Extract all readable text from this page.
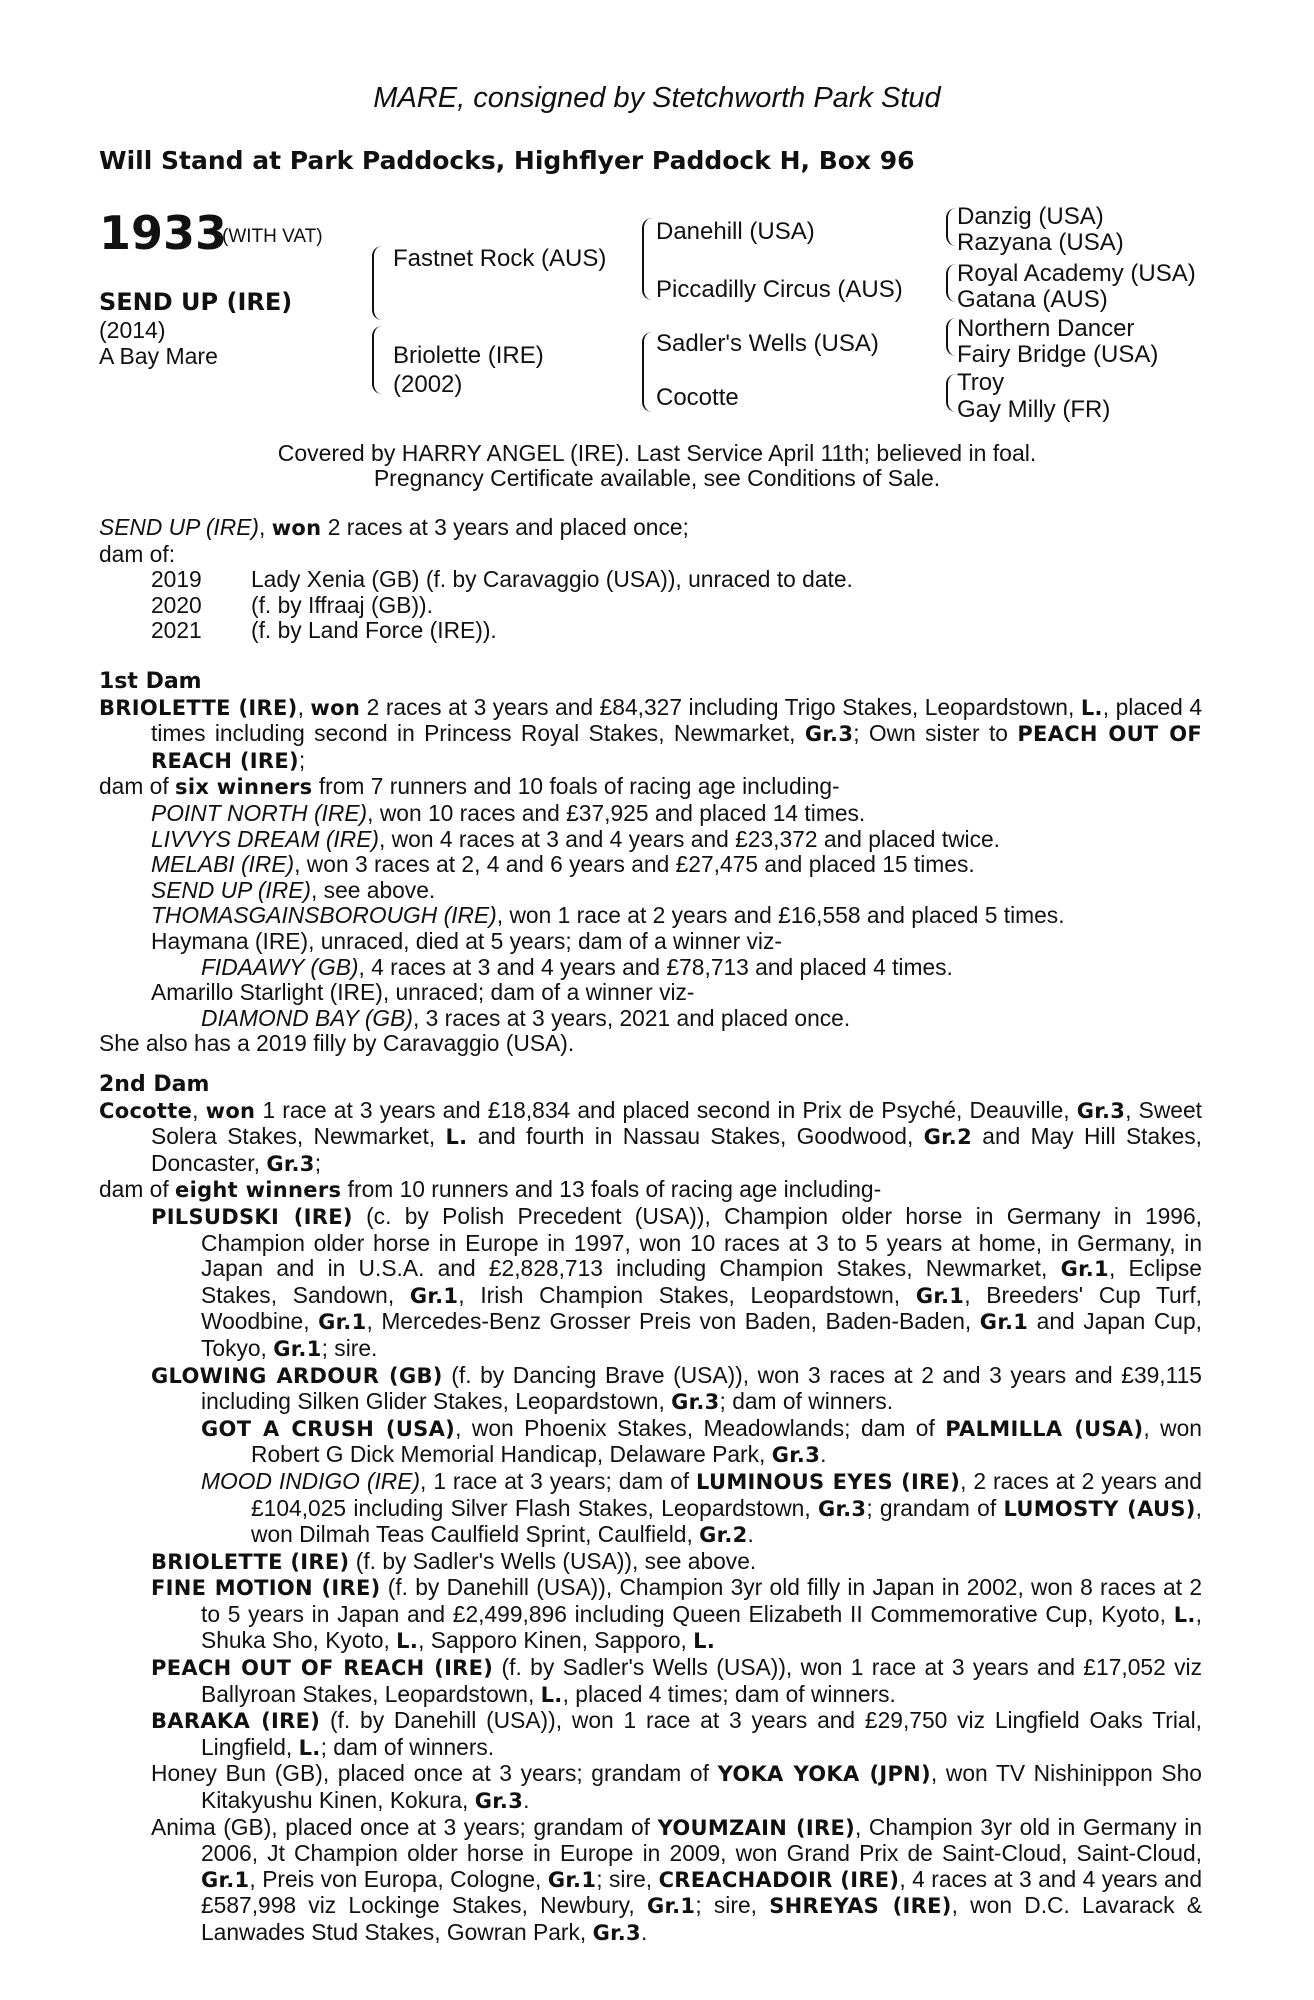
MARE, consigned by Stetchworth Park Stud
Will Stand at Park Paddocks, Highflyer Paddock H, Box 96
1933
(WITH VAT)
SEND UP (IRE)
(2014)
A Bay Mare
Fastnet Rock (AUS)
Briolette (IRE)
(2002)
Danehill (USA)
Piccadilly Circus (AUS)
Sadler's Wells (USA)
Cocotte
Danzig (USA)
Razyana (USA)
Royal Academy (USA)
Gatana (AUS)
Northern Dancer
Fairy Bridge (USA)
Troy
Gay Milly (FR)
Covered by HARRY ANGEL (IRE). Last Service April 11th; believed in foal.
Pregnancy Certificate available, see Conditions of Sale.

SEND UP (IRE), won 2 races at 3 years and placed once;

dam of:

2019	Lady Xenia (GB) (f. by Caravaggio (USA)), unraced to date.
2020	(f. by Iffraaj (GB)).
2021	(f. by Land Force (IRE)).

1st Dam

BRIOLETTE (IRE), won 2 races at 3 years and £84,327 including Trigo Stakes, Leopardstown, L., placed 4 times including second in Princess Royal Stakes, Newmarket, Gr.3; Own sister to PEACH OUT OF REACH (IRE);

dam of six winners from 7 runners and 10 foals of racing age including-

POINT NORTH (IRE), won 10 races and £37,925 and placed 14 times.

LIVVYS DREAM (IRE), won 4 races at 3 and 4 years and £23,372 and placed twice.

MELABI (IRE), won 3 races at 2, 4 and 6 years and £27,475 and placed 15 times.

SEND UP (IRE), see above.

THOMASGAINSBOROUGH (IRE), won 1 race at 2 years and £16,558 and placed 5 times.

Haymana (IRE), unraced, died at 5 years; dam of a winner viz-

FIDAAWY (GB), 4 races at 3 and 4 years and £78,713 and placed 4 times.

Amarillo Starlight (IRE), unraced; dam of a winner viz-

DIAMOND BAY (GB), 3 races at 3 years, 2021 and placed once.

She also has a 2019 filly by Caravaggio (USA).

2nd Dam

Cocotte, won 1 race at 3 years and £18,834 and placed second in Prix de Psyché, Deauville, Gr.3, Sweet Solera Stakes, Newmarket, L. and fourth in Nassau Stakes, Goodwood, Gr.2 and May Hill Stakes, Doncaster, Gr.3;

dam of eight winners from 10 runners and 13 foals of racing age including-

PILSUDSKI (IRE) (c. by Polish Precedent (USA)), Champion older horse in Germany in 1996, Champion older horse in Europe in 1997, won 10 races at 3 to 5 years at home, in Germany, in Japan and in U.S.A. and £2,828,713 including Champion Stakes, Newmarket, Gr.1, Eclipse Stakes, Sandown, Gr.1, Irish Champion Stakes, Leopardstown, Gr.1, Breeders' Cup Turf, Woodbine, Gr.1, Mercedes-Benz Grosser Preis von Baden, Baden-Baden, Gr.1 and Japan Cup, Tokyo, Gr.1; sire.

GLOWING ARDOUR (GB) (f. by Dancing Brave (USA)), won 3 races at 2 and 3 years and £39,115 including Silken Glider Stakes, Leopardstown, Gr.3; dam of winners.

GOT A CRUSH (USA), won Phoenix Stakes, Meadowlands; dam of PALMILLA (USA), won Robert G Dick Memorial Handicap, Delaware Park, Gr.3.

MOOD INDIGO (IRE), 1 race at 3 years; dam of LUMINOUS EYES (IRE), 2 races at 2 years and £104,025 including Silver Flash Stakes, Leopardstown, Gr.3; grandam of LUMOSTY (AUS), won Dilmah Teas Caulfield Sprint, Caulfield, Gr.2.

BRIOLETTE (IRE) (f. by Sadler's Wells (USA)), see above.

FINE MOTION (IRE) (f. by Danehill (USA)), Champion 3yr old filly in Japan in 2002, won 8 races at 2 to 5 years in Japan and £2,499,896 including Queen Elizabeth II Commemorative Cup, Kyoto, L., Shuka Sho, Kyoto, L., Sapporo Kinen, Sapporo, L.

PEACH OUT OF REACH (IRE) (f. by Sadler's Wells (USA)), won 1 race at 3 years and £17,052 viz Ballyroan Stakes, Leopardstown, L., placed 4 times; dam of winners.

BARAKA (IRE) (f. by Danehill (USA)), won 1 race at 3 years and £29,750 viz Lingfield Oaks Trial, Lingfield, L.; dam of winners.

Honey Bun (GB), placed once at 3 years; grandam of YOKA YOKA (JPN), won TV Nishinippon Sho Kitakyushu Kinen, Kokura, Gr.3.

Anima (GB), placed once at 3 years; grandam of YOUMZAIN (IRE), Champion 3yr old in Germany in 2006, Jt Champion older horse in Europe in 2009, won Grand Prix de Saint-Cloud, Saint-Cloud, Gr.1, Preis von Europa, Cologne, Gr.1; sire, CREACHADOIR (IRE), 4 races at 3 and 4 years and £587,998 viz Lockinge Stakes, Newbury, Gr.1; sire, SHREYAS (IRE), won D.C. Lavarack & Lanwades Stud Stakes, Gowran Park, Gr.3.
